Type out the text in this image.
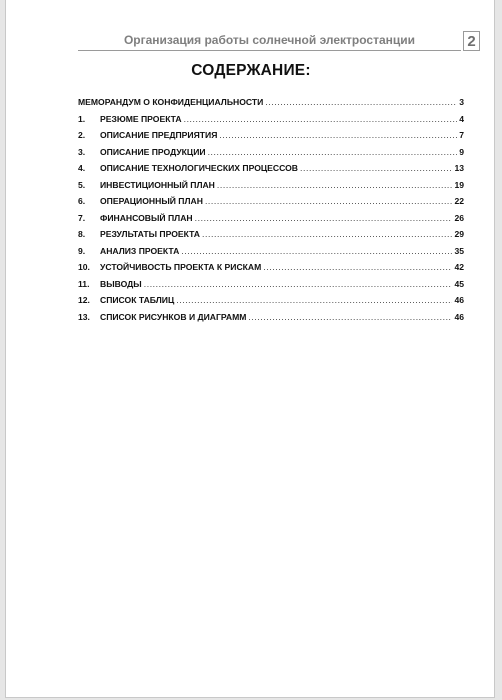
Организация работы солнечной электростанции	2
СОДЕРЖАНИЕ:
МЕМОРАНДУМ О КОНФИДЕНЦИАЛЬНОСТИ .....	3
1.	РЕЗЮМЕ ПРОЕКТА .....	4
2.	ОПИСАНИЕ ПРЕДПРИЯТИЯ .....	7
3.	ОПИСАНИЕ ПРОДУКЦИИ .....	9
4.	ОПИСАНИЕ ТЕХНОЛОГИЧЕСКИХ ПРОЦЕССОВ .....	13
5.	ИНВЕСТИЦИОННЫЙ ПЛАН .....	19
6.	ОПЕРАЦИОННЫЙ ПЛАН .....	22
7.	ФИНАНСОВЫЙ ПЛАН .....	26
8.	РЕЗУЛЬТАТЫ ПРОЕКТА .....	29
9.	АНАЛИЗ ПРОЕКТА .....	35
10.	УСТОЙЧИВОСТЬ ПРОЕКТА К РИСКАМ .....	42
11.	ВЫВОДЫ .....	45
12.	СПИСОК ТАБЛИЦ .....	46
13.	СПИСОК РИСУНКОВ И ДИАГРАММ .....	46
